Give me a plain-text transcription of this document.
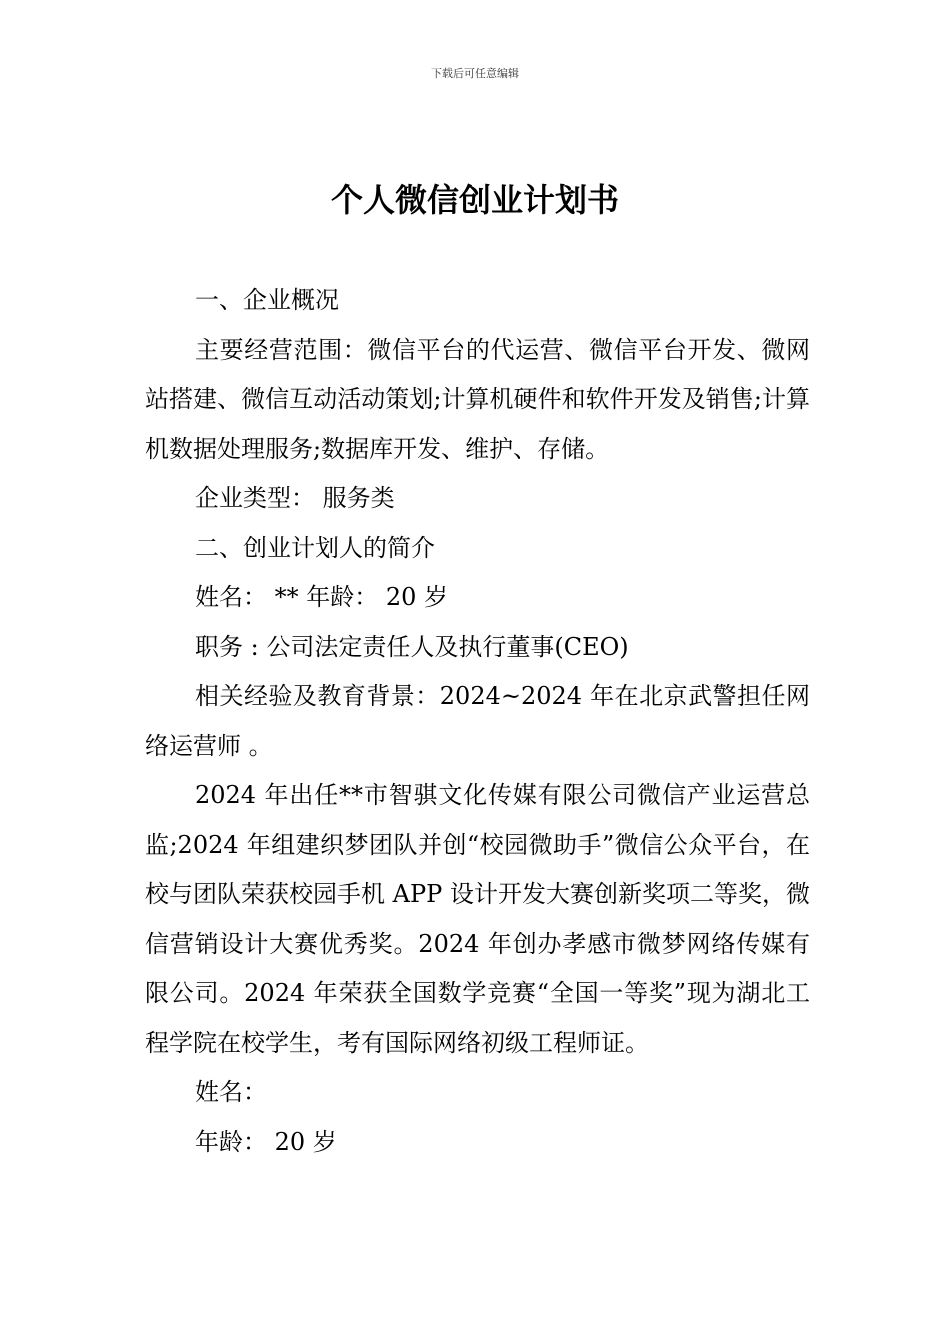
下载后可任意编辑
个人微信创业计划书

一、企业概况

主要经营范围：微信平台的代运营、微信平台开发、微网站搭建、微信互动活动策划;计算机硬件和软件开发及销售;计算机数据处理服务;数据库开发、维护、存储。

企业类型： 服务类

二、创业计划人的简介

姓名： ** 年龄： 20 岁

职务 : 公司法定责任人及执行董事(CEO)

相关经验及教育背景：2024~2024 年在北京武警担任网络运营师 。

2024 年出任**市智骐文化传媒有限公司微信产业运营总监;2024 年组建织梦团队并创“校园微助手”微信公众平台，在校与团队荣获校园手机 APP 设计开发大赛创新奖项二等奖，微信营销设计大赛优秀奖。2024 年创办孝感市微梦网络传媒有限公司。2024 年荣获全国数学竞赛“全国一等奖”现为湖北工程学院在校学生，考有国际网络初级工程师证。

姓名：

年龄： 20 岁
